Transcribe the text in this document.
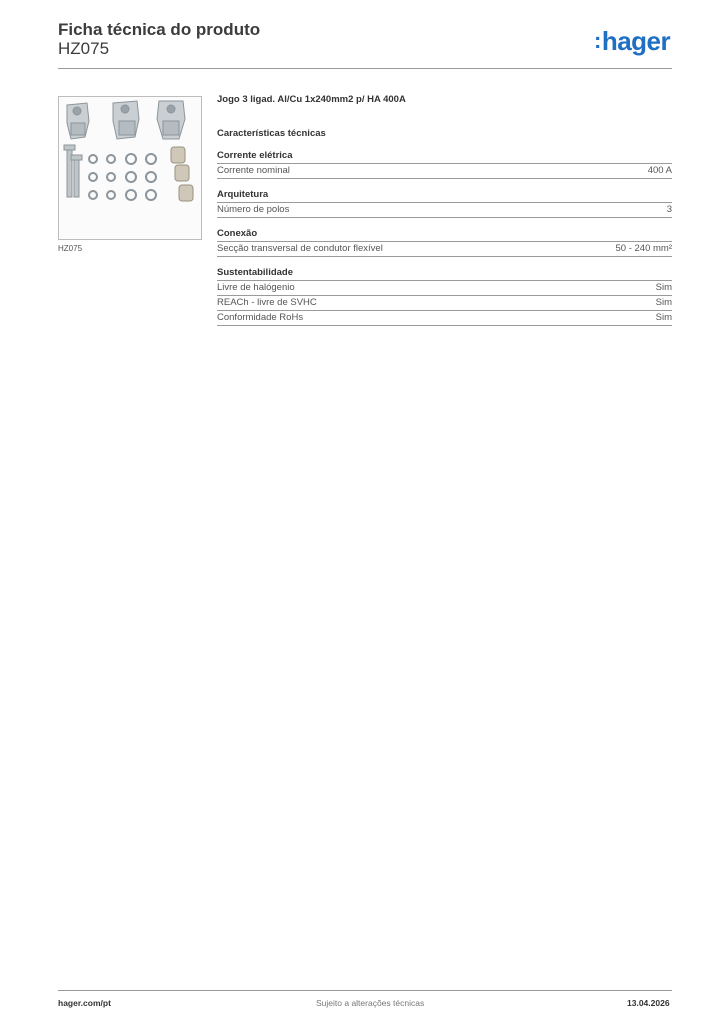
Ficha técnica do produto
HZ075	:hager
HZ075
Jogo 3 ligad. Al/Cu 1x240mm2 p/ HA 400A
Características técnicas
Corrente elétrica
Corrente nominal	400 A
Arquitetura
Número de polos	3
Conexão
Secção transversal de condutor flexível	50 - 240 mm²
Sustentabilidade
Livre de halógenio	Sim
REACh - livre de SVHC	Sim
Conformidade RoHs	Sim
hager.com/pt	Sujeito a alterações técnicas	13.04.2026
